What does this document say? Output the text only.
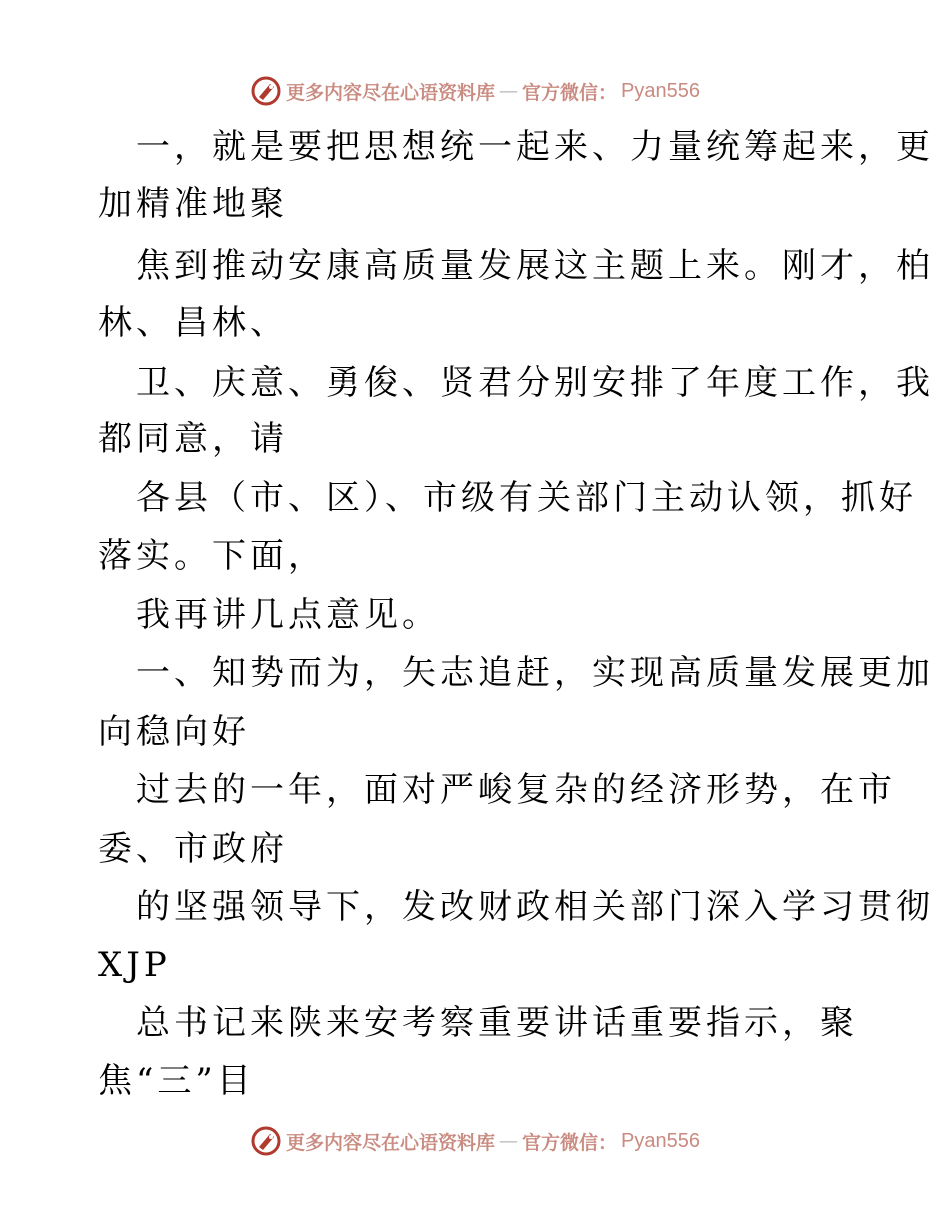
更多内容尽在心语资料库 — 官方微信： Pyan556
一，就是要把思想统一起来、力量统筹起来，更
加精准地聚
焦到推动安康高质量发展这主题上来。刚才，柏
林、昌林、
卫、庆意、勇俊、贤君分别安排了年度工作，我
都同意，请
各县（市、区）、市级有关部门主动认领，抓好
落实。下面，
我再讲几点意见。
一、知势而为，矢志追赶，实现高质量发展更加
向稳向好
过去的一年，面对严峻复杂的经济形势，在市
委、市政府
的坚强领导下，发改财政相关部门深入学习贯彻
XJP
总书记来陕来安考察重要讲话重要指示，聚
焦“三”目
更多内容尽在心语资料库 — 官方微信： Pyan556
